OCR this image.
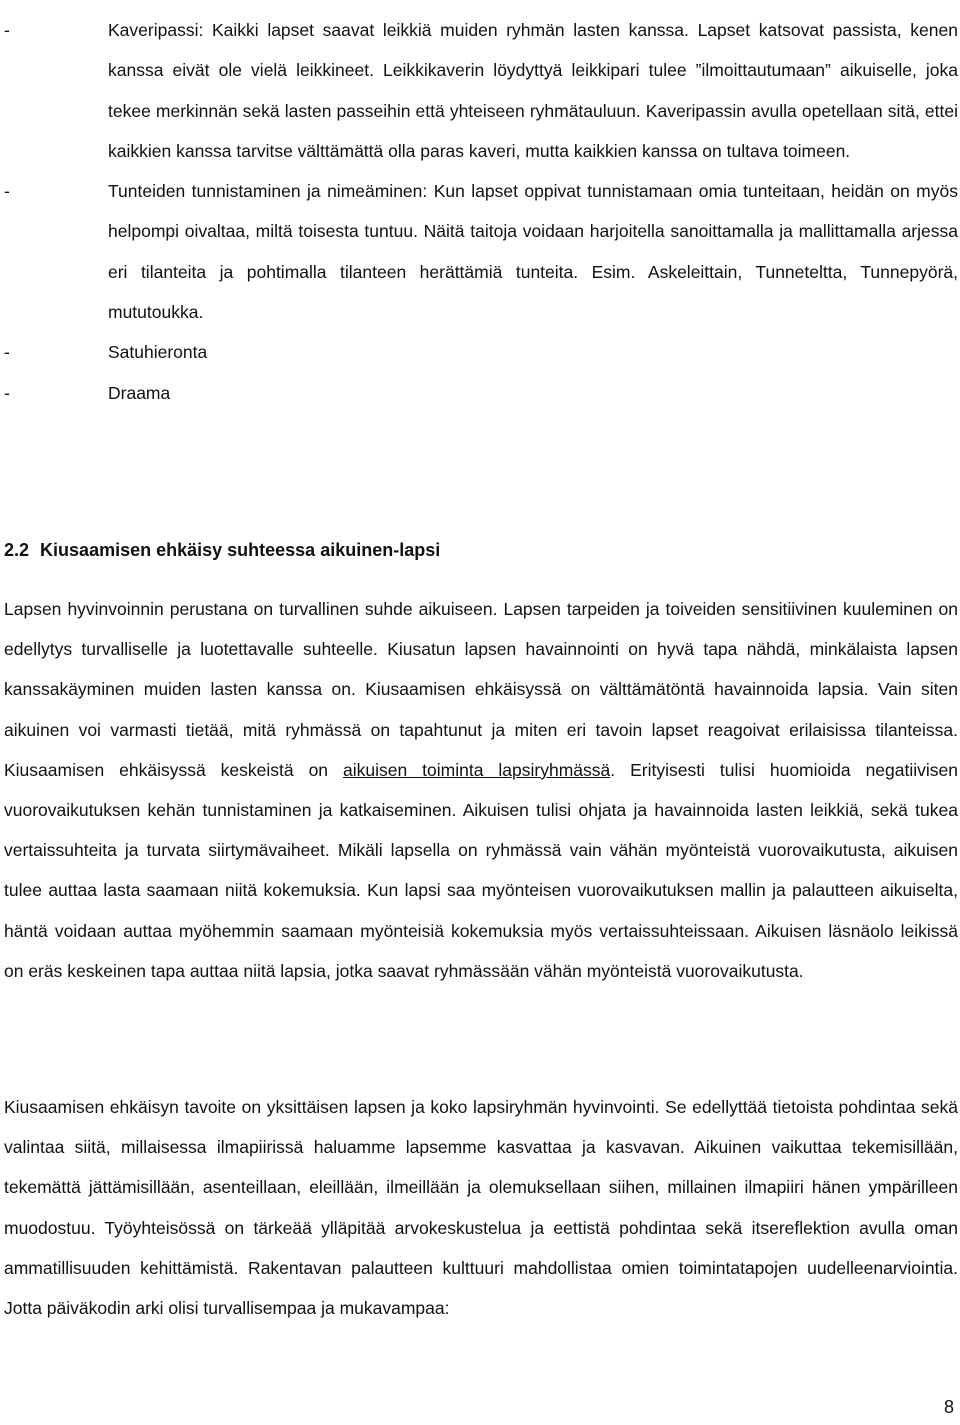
-	Kaveripassi: Kaikki lapset saavat leikkiä muiden ryhmän lasten kanssa. Lapset katsovat passista, kenen kanssa eivät ole vielä leikkineet. Leikkikaverin löydyttyä leikkipari tulee ”ilmoittautumaan” aikuiselle, joka tekee merkinnän sekä lasten passeihin että yhteiseen ryhmätauluun. Kaveripassin avulla opetellaan sitä, ettei kaikkien kanssa tarvitse välttämättä olla paras kaveri, mutta kaikkien kanssa on tultava toimeen.
-	Tunteiden tunnistaminen ja nimeäminen: Kun lapset oppivat tunnistamaan omia tunteitaan, heidän on myös helpompi oivaltaa, miltä toisesta tuntuu. Näitä taitoja voidaan harjoitella sanoittamalla ja mallittamalla arjessa eri tilanteita ja pohtimalla tilanteen herättämiä tunteita. Esim. Askeleittain, Tunneteltta, Tunnepyörä, mututoukka.
-	Satuhieronta
-	Draama
2.2 Kiusaamisen ehkäisy suhteessa aikuinen-lapsi
Lapsen hyvinvoinnin perustana on turvallinen suhde aikuiseen. Lapsen tarpeiden ja toiveiden sensitiivinen kuuleminen on edellytys turvalliselle ja luotettavalle suhteelle. Kiusatun lapsen havainnointi on hyvä tapa nähdä, minkälaista lapsen kanssakäyminen muiden lasten kanssa on. Kiusaamisen ehkäisyssä on välttämätöntä havainnoida lapsia. Vain siten aikuinen voi varmasti tietää, mitä ryhmässä on tapahtunut ja miten eri tavoin lapset reagoivat erilaisissa tilanteissa. Kiusaamisen ehkäisyssä keskeistä on aikuisen toiminta lapsiryhmässä. Erityisesti tulisi huomioida negatiivisen vuorovaikutuksen kehän tunnistaminen ja katkaiseminen. Aikuisen tulisi ohjata ja havainnoida lasten leikkiä, sekä tukea vertaissuhteita ja turvata siirtymävaiheet. Mikäli lapsella on ryhmässä vain vähän myönteistä vuorovaikutusta, aikuisen tulee auttaa lasta saamaan niitä kokemuksia. Kun lapsi saa myönteisen vuorovaikutuksen mallin ja palautteen aikuiselta, häntä voidaan auttaa myöhemmin saamaan myönteisiä kokemuksia myös vertaissuhteissaan. Aikuisen läsnäolo leikissä on eräs keskeinen tapa auttaa niitä lapsia, jotka saavat ryhmässään vähän myönteistä vuorovaikutusta.
Kiusaamisen ehkäisyn tavoite on yksittäisen lapsen ja koko lapsiryhmän hyvinvointi. Se edellyttää tietoista pohdintaa sekä valintaa siitä, millaisessa ilmapiirissä haluamme lapsemme kasvattaa ja kasvavan. Aikuinen vaikuttaa tekemisillään, tekemättä jättämisillään, asenteillaan, eleillään, ilmeillään ja olemuksellaan siihen, millainen ilmapiiri hänen ympärilleen muodostuu. Työyhteisössä on tärkeää ylläpitää arvokeskustelua ja eettistä pohdintaa sekä itsereflektion avulla oman ammatillisuuden kehittämistä. Rakentavan palautteen kulttuuri mahdollistaa omien toimintatapojen uudelleenarviointia. Jotta päiväkodin arki olisi turvallisempaa ja mukavampaa:
8
